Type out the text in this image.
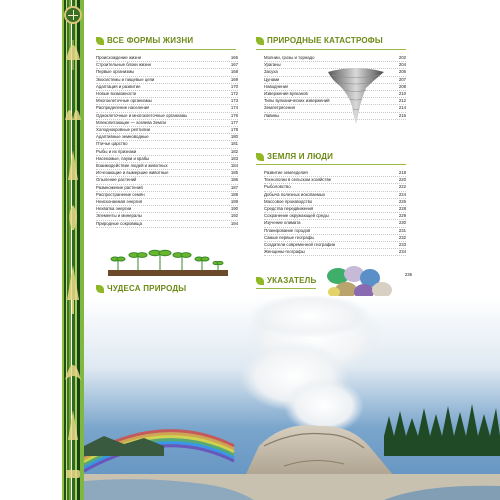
ВСЕ ФОРМЫ ЖИЗНИ
Происхождение жизни	166
Строительные блоки жизни	167
Первые организмы	168
Экосистемы и пищевые цепи	169
Адаптация и развитие	170
Новые возможности	172
Многоклеточные организмы	173
Распределение населения	174
Одноклеточные и многоклеточные организмы	176
Млекопитающие — хозяева Земли	177
Холоднокровные рептилии	178
Адаптивные земноводные	180
Птичье царство	181
Рыбы и их признаки	182
Насекомые, пауки и крабы	183
Взаимодействие людей и животных	184
Исчезающие и вымершие животные	185
Опыление растений	186
Размножение растений	187
Распространение семян	188
Неисконаемая энергия	189
Нехватка энергии	190
Элементы и минералы	192
Природные сокровища	194
ЧУДЕСА ПРИРОДЫ
ПРИРОДНЫЕ КАТАСТРОФЫ
Молнии, грозы и торнадо	202
Ураганы	204
Засуха	206
Цунами	207
Наводнения	208
Извержения вулканов	210
Типы вулканических извержений	212
Землетрясения	214
Лавины	216
ЗЕМЛЯ И ЛЮДИ
Развитие земледелия	218
Технологии в сельском хозяйстве	220
Рыболовство	222
Добыча полезных ископаемых	224
Массовое производство	226
Средства передвижения	228
Сохранение окружающей среды	229
Изучение климата	230
Планирование городов	231
Самые первые географы	232
Создатели современной географии	233
Женщины-географы	234
УКАЗАТЕЛЬ
236
